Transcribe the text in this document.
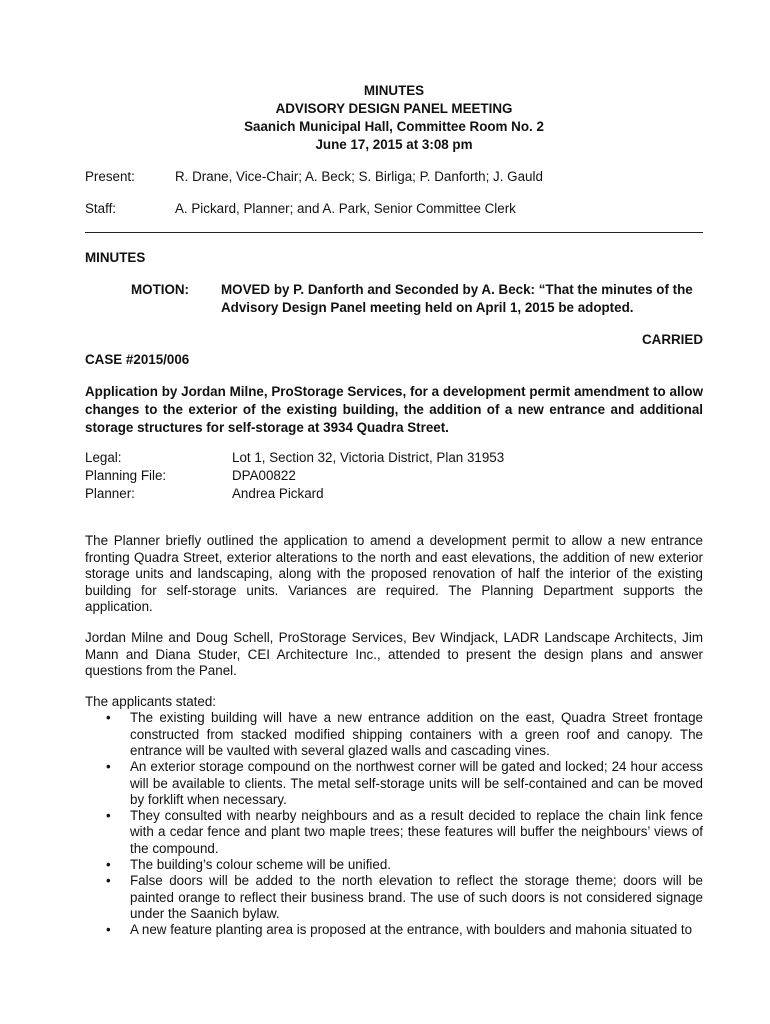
MINUTES
ADVISORY DESIGN PANEL MEETING
Saanich Municipal Hall, Committee Room No. 2
June 17, 2015 at 3:08 pm
Present:	R. Drane, Vice-Chair; A. Beck; S. Birliga; P. Danforth; J. Gauld
Staff:	A. Pickard, Planner; and A. Park, Senior Committee Clerk
MINUTES
MOTION:	MOVED by P. Danforth and Seconded by A. Beck: “That the minutes of the Advisory Design Panel meeting held on April 1, 2015 be adopted.
CARRIED
CASE #2015/006
Application by Jordan Milne, ProStorage Services, for a development permit amendment to allow changes to the exterior of the existing building, the addition of a new entrance and additional storage structures for self-storage at 3934 Quadra Street.
Legal:	Lot 1, Section 32, Victoria District, Plan 31953
Planning File:	DPA00822
Planner:	Andrea Pickard

The Planner briefly outlined the application to amend a development permit to allow a new entrance fronting Quadra Street, exterior alterations to the north and east elevations, the addition of new exterior storage units and landscaping, along with the proposed renovation of half the interior of the existing building for self-storage units. Variances are required. The Planning Department supports the application.

Jordan Milne and Doug Schell, ProStorage Services, Bev Windjack, LADR Landscape Architects, Jim Mann and Diana Studer, CEI Architecture Inc., attended to present the design plans and answer questions from the Panel.

The applicants stated:

• The existing building will have a new entrance addition on the east, Quadra Street frontage constructed from stacked modified shipping containers with a green roof and canopy. The entrance will be vaulted with several glazed walls and cascading vines.
• An exterior storage compound on the northwest corner will be gated and locked; 24 hour access will be available to clients. The metal self-storage units will be self-contained and can be moved by forklift when necessary.
• They consulted with nearby neighbours and as a result decided to replace the chain link fence with a cedar fence and plant two maple trees; these features will buffer the neighbours’ views of the compound.
• The building’s colour scheme will be unified.
• False doors will be added to the north elevation to reflect the storage theme; doors will be painted orange to reflect their business brand. The use of such doors is not considered signage under the Saanich bylaw.
• A new feature planting area is proposed at the entrance, with boulders and mahonia situated to
